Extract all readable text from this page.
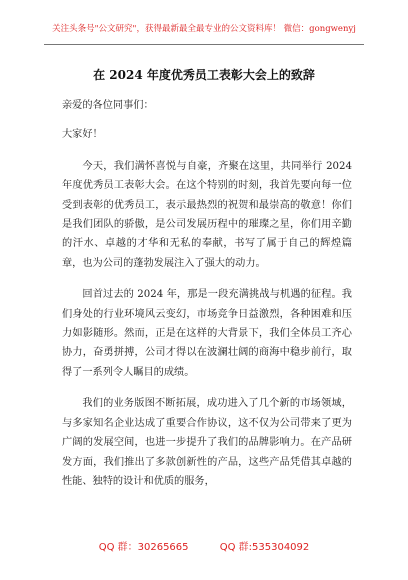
关注头条号"公文研究"，获得最新最全最专业的公文资料库！ 微信：gongwenyj
在 2024 年度优秀员工表彰大会上的致辞

亲爱的各位同事们：

大家好！

今天，我们满怀喜悦与自豪，齐聚在这里，共同举行 2024 年度优秀员工表彰大会。在这个特别的时刻，我首先要向每一位受到表彰的优秀员工，表示最热烈的祝贺和最崇高的敬意！你们是我们团队的骄傲，是公司发展历程中的璀璨之星，你们用辛勤的汗水、卓越的才华和无私的奉献，书写了属于自己的辉煌篇章，也为公司的蓬勃发展注入了强大的动力。

回首过去的 2024 年，那是一段充满挑战与机遇的征程。我们身处的行业环境风云变幻，市场竞争日益激烈，各种困难和压力如影随形。然而，正是在这样的大背景下，我们全体员工齐心协力，奋勇拼搏，公司才得以在波澜壮阔的商海中稳步前行，取得了一系列令人瞩目的成绩。

我们的业务版图不断拓展，成功进入了几个新的市场领域，与多家知名企业达成了重要合作协议，这不仅为公司带来了更为广阔的发展空间，也进一步提升了我们的品牌影响力。在产品研发方面，我们推出了多款创新性的产品，这些产品凭借其卓越的性能、独特的设计和优质的服务，

QQ 群：30265665	QQ 群:535304092
